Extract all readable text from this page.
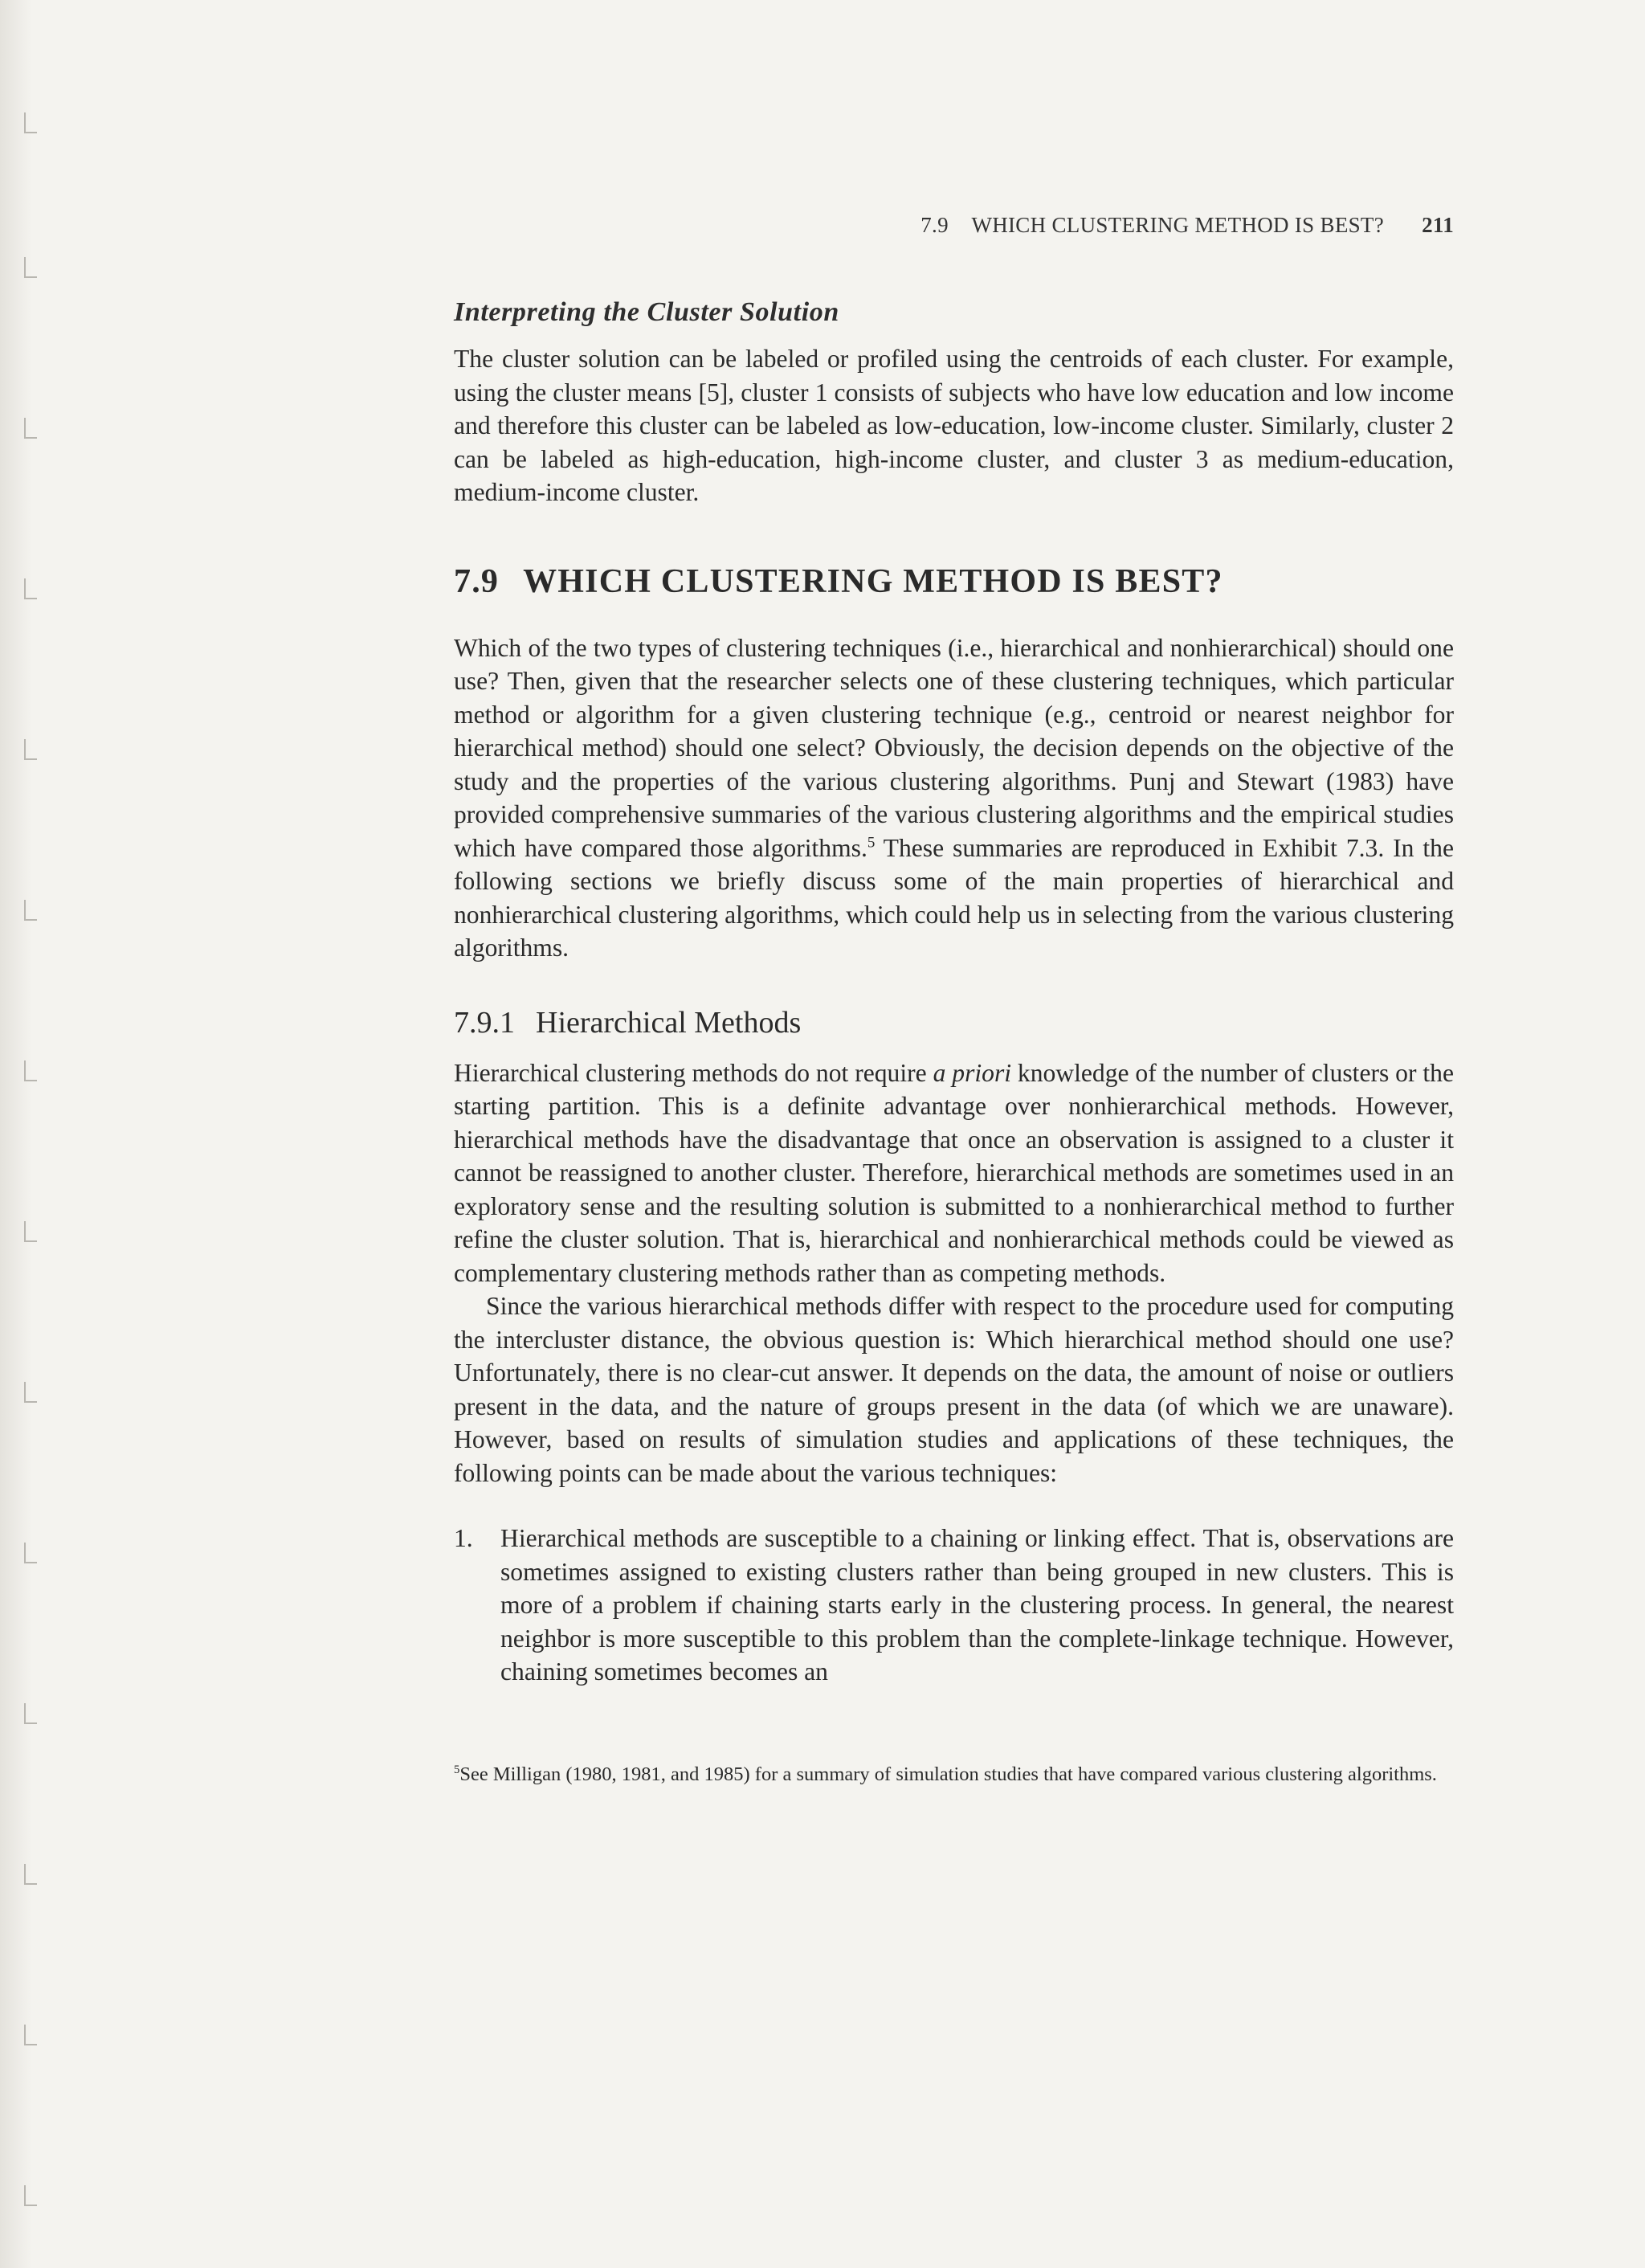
7.9 WHICH CLUSTERING METHOD IS BEST? 211
Interpreting the Cluster Solution

The cluster solution can be labeled or profiled using the centroids of each cluster. For example, using the cluster means [5], cluster 1 consists of subjects who have low education and low income and therefore this cluster can be labeled as low-education, low-income cluster. Similarly, cluster 2 can be labeled as high-education, high-income cluster, and cluster 3 as medium-education, medium-income cluster.

7.9 WHICH CLUSTERING METHOD IS BEST?

Which of the two types of clustering techniques (i.e., hierarchical and nonhierarchical) should one use? Then, given that the researcher selects one of these clustering techniques, which particular method or algorithm for a given clustering technique (e.g., centroid or nearest neighbor for hierarchical method) should one select? Obviously, the decision depends on the objective of the study and the properties of the various clustering algorithms. Punj and Stewart (1983) have provided comprehensive summaries of the various clustering algorithms and the empirical studies which have compared those algorithms.$^5$ These summaries are reproduced in Exhibit 7.3. In the following sections we briefly discuss some of the main properties of hierarchical and nonhierarchical clustering algorithms, which could help us in selecting from the various clustering algorithms.

7.9.1 Hierarchical Methods

Hierarchical clustering methods do not require a priori knowledge of the number of clusters or the starting partition. This is a definite advantage over nonhierarchical methods. However, hierarchical methods have the disadvantage that once an observation is assigned to a cluster it cannot be reassigned to another cluster. Therefore, hierarchical methods are sometimes used in an exploratory sense and the resulting solution is submitted to a nonhierarchical method to further refine the cluster solution. That is, hierarchical and nonhierarchical methods could be viewed as complementary clustering methods rather than as competing methods.

Since the various hierarchical methods differ with respect to the procedure used for computing the intercluster distance, the obvious question is: Which hierarchical method should one use? Unfortunately, there is no clear-cut answer. It depends on the data, the amount of noise or outliers present in the data, and the nature of groups present in the data (of which we are unaware). However, based on results of simulation studies and applications of these techniques, the following points can be made about the various techniques:

1. Hierarchical methods are susceptible to a chaining or linking effect. That is, observations are sometimes assigned to existing clusters rather than being grouped in new clusters. This is more of a problem if chaining starts early in the clustering process. In general, the nearest neighbor is more susceptible to this problem than the complete-linkage technique. However, chaining sometimes becomes an

$^5$See Milligan (1980, 1981, and 1985) for a summary of simulation studies that have compared various clustering algorithms.
